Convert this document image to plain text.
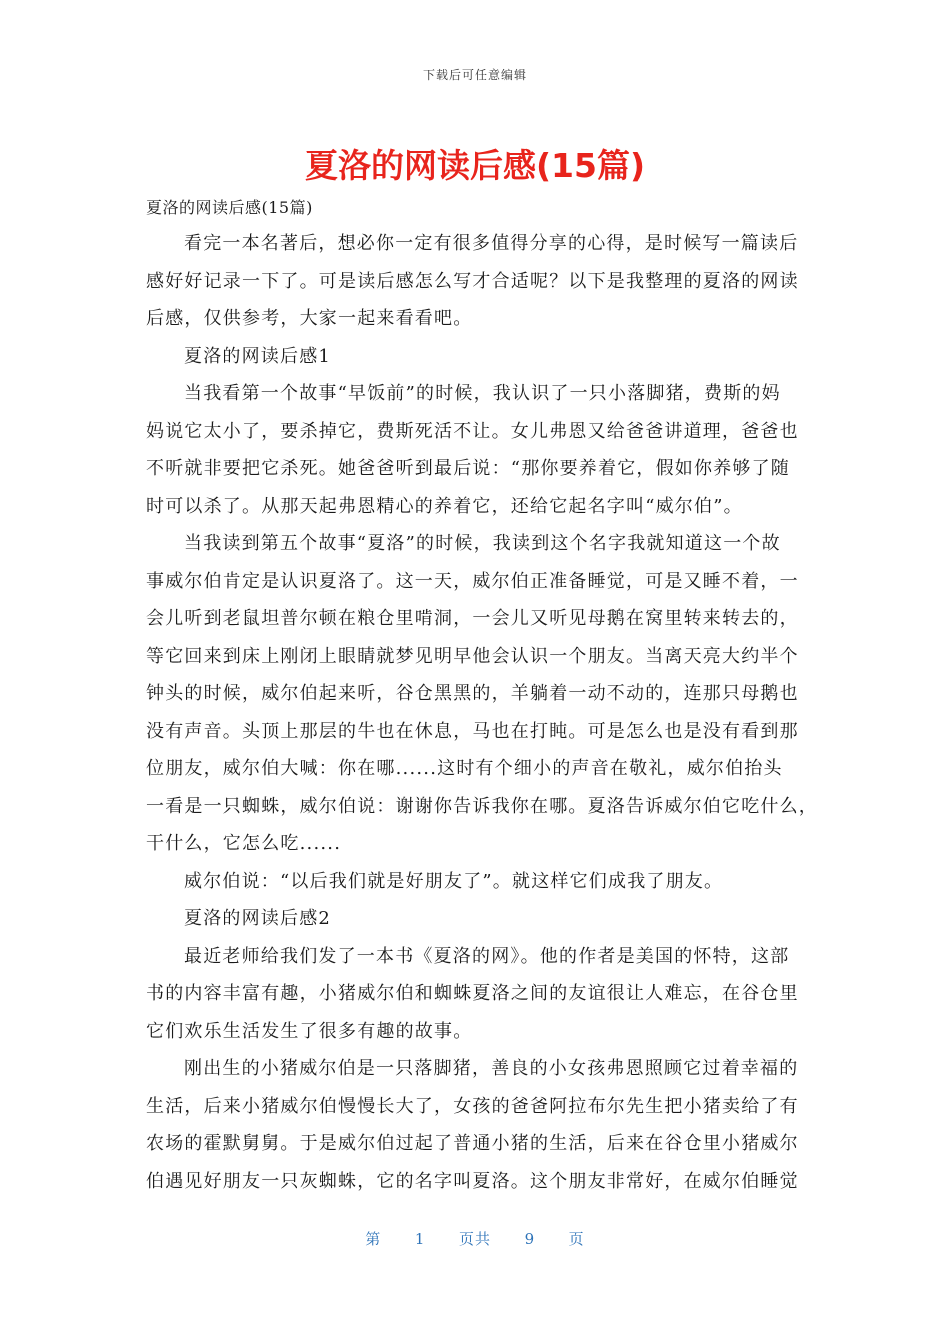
下载后可任意编辑
夏洛的网读后感(15篇)
夏洛的网读后感(15篇)
看完一本名著后，想必你一定有很多值得分享的心得，是时候写一篇读后
感好好记录一下了。可是读后感怎么写才合适呢？以下是我整理的夏洛的网读
后感，仅供参考，大家一起来看看吧。
夏洛的网读后感1
当我看第一个故事“早饭前”的时候，我认识了一只小落脚猪，费斯的妈
妈说它太小了，要杀掉它，费斯死活不让。女儿弗恩又给爸爸讲道理，爸爸也
不听就非要把它杀死。她爸爸听到最后说：“那你要养着它，假如你养够了随
时可以杀了。从那天起弗恩精心的养着它，还给它起名字叫“威尔伯”。
当我读到第五个故事“夏洛”的时候，我读到这个名字我就知道这一个故
事威尔伯肯定是认识夏洛了。这一天，威尔伯正准备睡觉，可是又睡不着，一
会儿听到老鼠坦普尔顿在粮仓里啃洞，一会儿又听见母鹅在窝里转来转去的，
等它回来到床上刚闭上眼睛就梦见明早他会认识一个朋友。当离天亮大约半个
钟头的时候，威尔伯起来听，谷仓黑黑的，羊躺着一动不动的，连那只母鹅也
没有声音。头顶上那层的牛也在休息，马也在打盹。可是怎么也是没有看到那
位朋友，威尔伯大喊：你在哪......这时有个细小的声音在敬礼，威尔伯抬头
一看是一只蜘蛛，威尔伯说：谢谢你告诉我你在哪。夏洛告诉威尔伯它吃什么，
干什么，它怎么吃......
威尔伯说：“以后我们就是好朋友了”。就这样它们成我了朋友。
夏洛的网读后感2
最近老师给我们发了一本书《夏洛的网》。他的作者是美国的怀特，这部
书的内容丰富有趣，小猪威尔伯和蜘蛛夏洛之间的友谊很让人难忘，在谷仓里
它们欢乐生活发生了很多有趣的故事。
刚出生的小猪威尔伯是一只落脚猪，善良的小女孩弗恩照顾它过着幸福的
生活，后来小猪威尔伯慢慢长大了，女孩的爸爸阿拉布尔先生把小猪卖给了有
农场的霍默舅舅。于是威尔伯过起了普通小猪的生活，后来在谷仓里小猪威尔
伯遇见好朋友一只灰蜘蛛，它的名字叫夏洛。这个朋友非常好，在威尔伯睡觉
第 1 页共 9 页
